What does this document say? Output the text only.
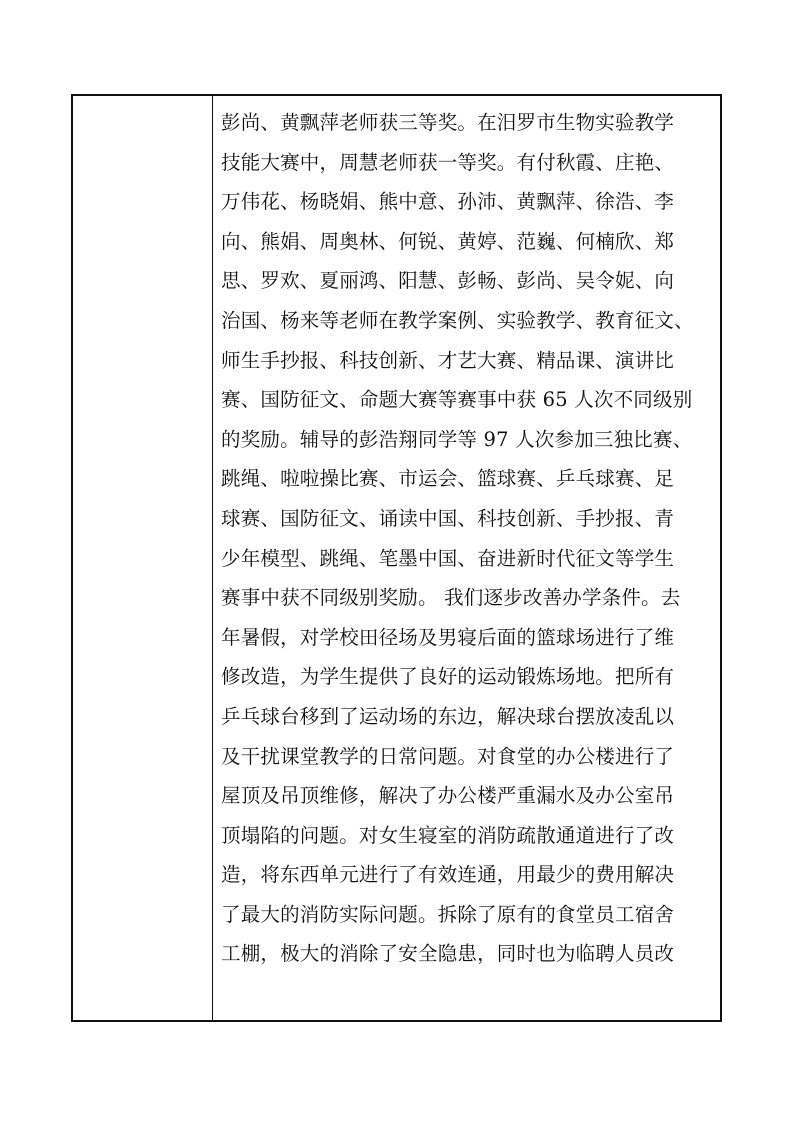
彭尚、黄飘萍老师获三等奖。在汨罗市生物实验教学
技能大赛中，周慧老师获一等奖。有付秋霞、庄艳、
万伟花、杨晓娟、熊中意、孙沛、黄飘萍、徐浩、李
向、熊娟、周奥林、何锐、黄婷、范巍、何楠欣、郑
思、罗欢、夏丽鸿、阳慧、彭畅、彭尚、吴令妮、向
治国、杨来等老师在教学案例、实验教学、教育征文、
师生手抄报、科技创新、才艺大赛、精品课、演讲比
赛、国防征文、命题大赛等赛事中获 65 人次不同级别
的奖励。辅导的彭浩翔同学等 97 人次参加三独比赛、
跳绳、啦啦操比赛、市运会、篮球赛、乒乓球赛、足
球赛、国防征文、诵读中国、科技创新、手抄报、青
少年模型、跳绳、笔墨中国、奋进新时代征文等学生
赛事中获不同级别奖励。 我们逐步改善办学条件。去
年暑假，对学校田径场及男寝后面的篮球场进行了维
修改造，为学生提供了良好的运动锻炼场地。把所有
乒乓球台移到了运动场的东边，解决球台摆放凌乱以
及干扰课堂教学的日常问题。对食堂的办公楼进行了
屋顶及吊顶维修，解决了办公楼严重漏水及办公室吊
顶塌陷的问题。对女生寝室的消防疏散通道进行了改
造，将东西单元进行了有效连通，用最少的费用解决
了最大的消防实际问题。拆除了原有的食堂员工宿舍
工棚，极大的消除了安全隐患，同时也为临聘人员改
